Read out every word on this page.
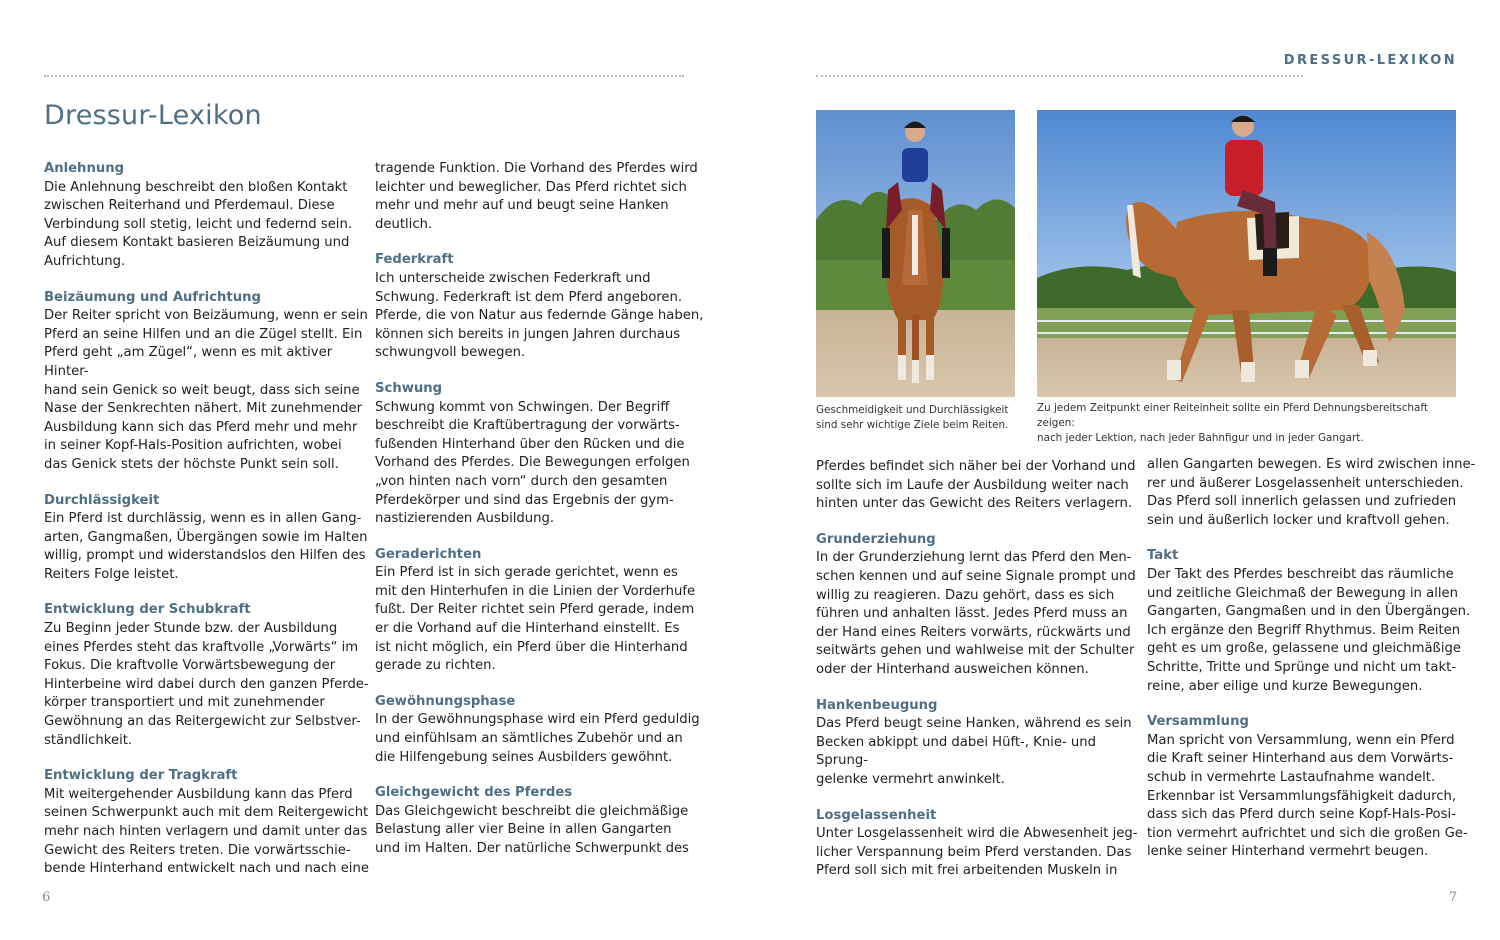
DRESSUR-LEXIKON
Dressur-Lexikon
Anlehnung

Die Anlehnung beschreibt den bloßen Kontakt

zwischen Reiterhand und Pferdemaul. Diese

Verbindung soll stetig, leicht und federnd sein.

Auf diesem Kontakt basieren Beizäumung und

Aufrichtung.

Beizäumung und Aufrichtung

Der Reiter spricht von Beizäumung, wenn er sein

Pferd an seine Hilfen und an die Zügel stellt. Ein

Pferd geht „am Zügel“, wenn es mit aktiver Hinter-

hand sein Genick so weit beugt, dass sich seine

Nase der Senkrechten nähert. Mit zunehmender

Ausbildung kann sich das Pferd mehr und mehr

in seiner Kopf-Hals-Position aufrichten, wobei

das Genick stets der höchste Punkt sein soll.

Durchlässigkeit

Ein Pferd ist durchlässig, wenn es in allen Gang-

arten, Gangmaßen, Übergängen sowie im Halten

willig, prompt und widerstandslos den Hilfen des

Reiters Folge leistet.

Entwicklung der Schubkraft

Zu Beginn jeder Stunde bzw. der Ausbildung

eines Pferdes steht das kraftvolle „Vorwärts“ im

Fokus. Die kraftvolle Vorwärtsbewegung der

Hinterbeine wird dabei durch den ganzen Pferde-

körper transportiert und mit zunehmender

Gewöhnung an das Reitergewicht zur Selbstver-

ständlichkeit.

Entwicklung der Tragkraft

Mit weitergehender Ausbildung kann das Pferd

seinen Schwerpunkt auch mit dem Reitergewicht

mehr nach hinten verlagern und damit unter das

Gewicht des Reiters treten. Die vorwärtsschie-

bende Hinterhand entwickelt nach und nach eine

tragende Funktion. Die Vorhand des Pferdes wird

leichter und beweglicher. Das Pferd richtet sich

mehr und mehr auf und beugt seine Hanken

deutlich.

Federkraft

Ich unterscheide zwischen Federkraft und

Schwung. Federkraft ist dem Pferd angeboren.

Pferde, die von Natur aus federnde Gänge haben,

können sich bereits in jungen Jahren durchaus

schwungvoll bewegen.

Schwung

Schwung kommt von Schwingen. Der Begriff

beschreibt die Kraftübertragung der vorwärts-

fußenden Hinterhand über den Rücken und die

Vorhand des Pferdes. Die Bewegungen erfolgen

„von hinten nach vorn“ durch den gesamten

Pferdekörper und sind das Ergebnis der gym-

nastizierenden Ausbildung.

Geraderichten

Ein Pferd ist in sich gerade gerichtet, wenn es

mit den Hinterhufen in die Linien der Vorderhufe

fußt. Der Reiter richtet sein Pferd gerade, indem

er die Vorhand auf die Hinterhand einstellt. Es

ist nicht möglich, ein Pferd über die Hinterhand

gerade zu richten.

Gewöhnungsphase

In der Gewöhnungsphase wird ein Pferd geduldig

und einfühlsam an sämtliches Zubehör und an

die Hilfengebung seines Ausbilders gewöhnt.

Gleichgewicht des Pferdes

Das Gleichgewicht beschreibt die gleichmäßige

Belastung aller vier Beine in allen Gangarten

und im Halten. Der natürliche Schwerpunkt des

Pferdes befindet sich näher bei der Vorhand und

sollte sich im Laufe der Ausbildung weiter nach

hinten unter das Gewicht des Reiters verlagern.

Grunderziehung

In der Grunderziehung lernt das Pferd den Men-

schen kennen und auf seine Signale prompt und

willig zu reagieren. Dazu gehört, dass es sich

führen und anhalten lässt. Jedes Pferd muss an

der Hand eines Reiters vorwärts, rückwärts und

seitwärts gehen und wahlweise mit der Schulter

oder der Hinterhand ausweichen können.

Hankenbeugung

Das Pferd beugt seine Hanken, während es sein

Becken abkippt und dabei Hüft-, Knie- und Sprung-

gelenke vermehrt anwinkelt.

Losgelassenheit

Unter Losgelassenheit wird die Abwesenheit jeg-

licher Verspannung beim Pferd verstanden. Das

Pferd soll sich mit frei arbeitenden Muskeln in

allen Gangarten bewegen. Es wird zwischen inne-

rer und äußerer Losgelassenheit unterschieden.

Das Pferd soll innerlich gelassen und zufrieden

sein und äußerlich locker und kraftvoll gehen.

Takt

Der Takt des Pferdes beschreibt das räumliche

und zeitliche Gleichmaß der Bewegung in allen

Gangarten, Gangmaßen und in den Übergängen.

Ich ergänze den Begriff Rhythmus. Beim Reiten

geht es um große, gelassene und gleichmäßige

Schritte, Tritte und Sprünge und nicht um takt-

reine, aber eilige und kurze Bewegungen.

Versammlung

Man spricht von Versammlung, wenn ein Pferd

die Kraft seiner Hinterhand aus dem Vorwärts-

schub in vermehrte Lastaufnahme wandelt.

Erkennbar ist Versammlungsfähigkeit dadurch,

dass sich das Pferd durch seine Kopf-Hals-Posi-

tion vermehrt aufrichtet und sich die großen Ge-

lenke seiner Hinterhand vermehrt beugen.

Geschmeidigkeit und Durchlässigkeit
sind sehr wichtige Ziele beim Reiten.
Zu jedem Zeitpunkt einer Reiteinheit sollte ein Pferd Dehnungsbereitschaft zeigen:
nach jeder Lektion, nach jeder Bahnfigur und in jeder Gangart.
6	7
